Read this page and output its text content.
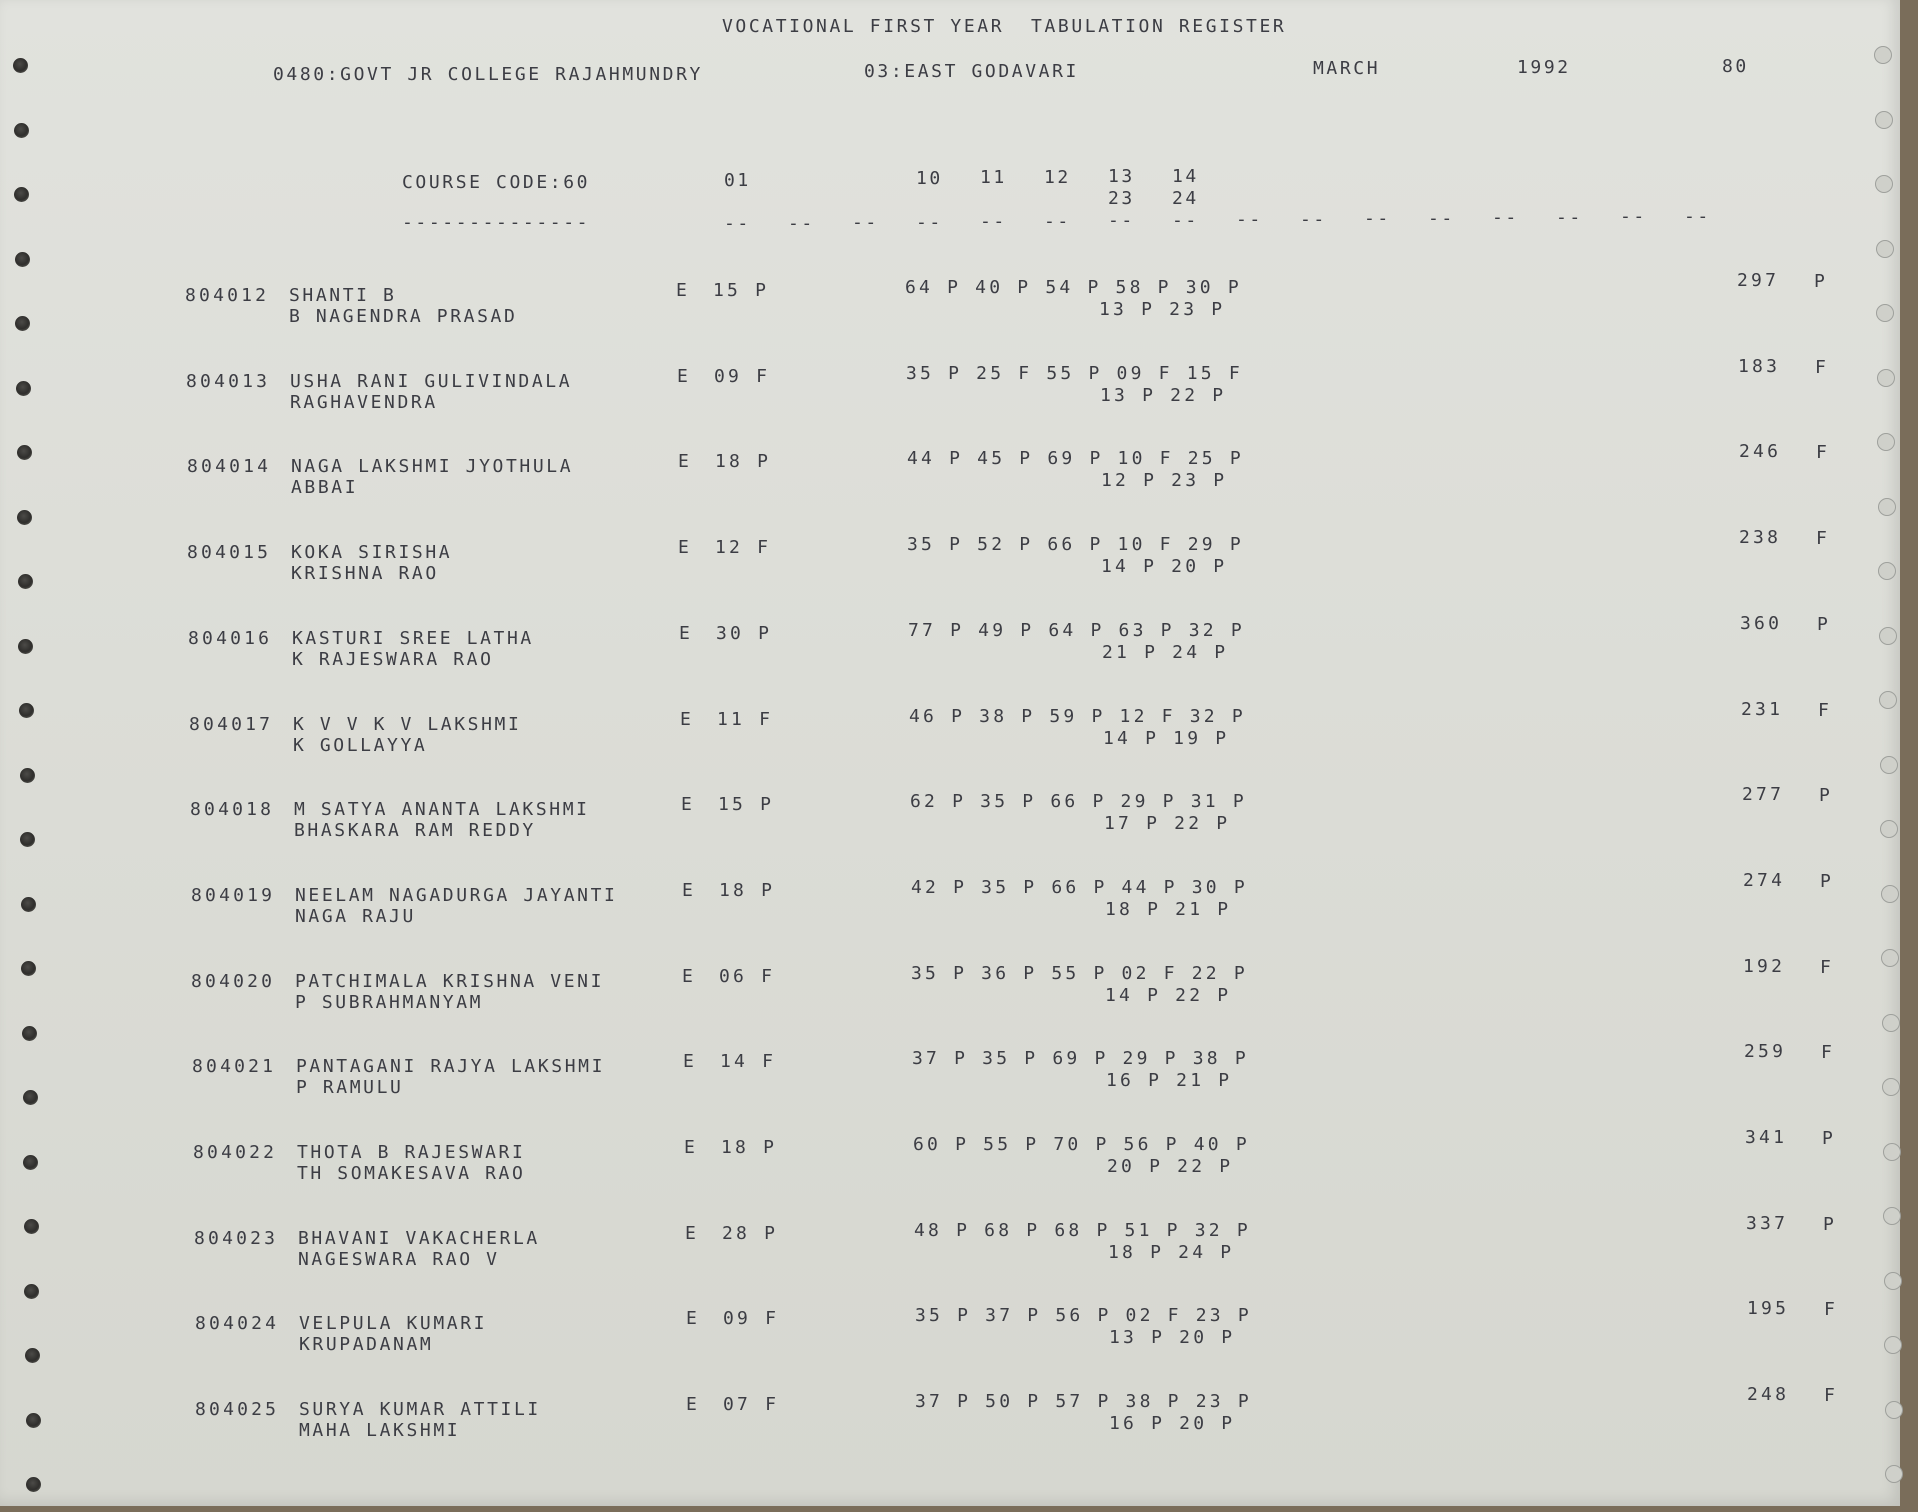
VOCATIONAL FIRST YEAR  TABULATION REGISTER
0480:GOVT JR COLLEGE RAJAHMUNDRY	03:EAST GODAVARI	MARCH	1992	80
COURSE CODE:60
--------------
01	10 11 12 13 14
23 24
-- -- -- -- -- -- -- -- -- -- -- -- -- -- -- --
804012 SHANTI B
B NAGENDRA PRASAD
E 15 P	64 P 40 P 54 P 58 P 30 P
13 P 23 P
297 P
804013 USHA RANI GULIVINDALA
RAGHAVENDRA
E 09 F	35 P 25 F 55 P 09 F 15 F
13 P 22 P
183 F
804014 NAGA LAKSHMI JYOTHULA
ABBAI
E 18 P	44 P 45 P 69 P 10 F 25 P
12 P 23 P
246 F
804015 KOKA SIRISHA
KRISHNA RAO
E 12 F	35 P 52 P 66 P 10 F 29 P
14 P 20 P
238 F
804016 KASTURI SREE LATHA
K RAJESWARA RAO
E 30 P	77 P 49 P 64 P 63 P 32 P
21 P 24 P
360 P
804017 K V V K V LAKSHMI
K GOLLAYYA
E 11 F	46 P 38 P 59 P 12 F 32 P
14 P 19 P
231 F
804018 M SATYA ANANTA LAKSHMI
BHASKARA RAM REDDY
E 15 P	62 P 35 P 66 P 29 P 31 P
17 P 22 P
277 P
804019 NEELAM NAGADURGA JAYANTI
NAGA RAJU
E 18 P	42 P 35 P 66 P 44 P 30 P
18 P 21 P
274 P
804020 PATCHIMALA KRISHNA VENI
P SUBRAHMANYAM
E 06 F	35 P 36 P 55 P 02 F 22 P
14 P 22 P
192 F
804021 PANTAGANI RAJYA LAKSHMI
P RAMULU
E 14 F	37 P 35 P 69 P 29 P 38 P
16 P 21 P
259 F
804022 THOTA B RAJESWARI
TH SOMAKESAVA RAO
E 18 P	60 P 55 P 70 P 56 P 40 P
20 P 22 P
341 P
804023 BHAVANI VAKACHERLA
NAGESWARA RAO V
E 28 P	48 P 68 P 68 P 51 P 32 P
18 P 24 P
337 P
804024 VELPULA KUMARI
KRUPADANAM
E 09 F	35 P 37 P 56 P 02 F 23 P
13 P 20 P
195 F
804025 SURYA KUMAR ATTILI
MAHA LAKSHMI
E 07 F	37 P 50 P 57 P 38 P 23 P
16 P 20 P
248 F
